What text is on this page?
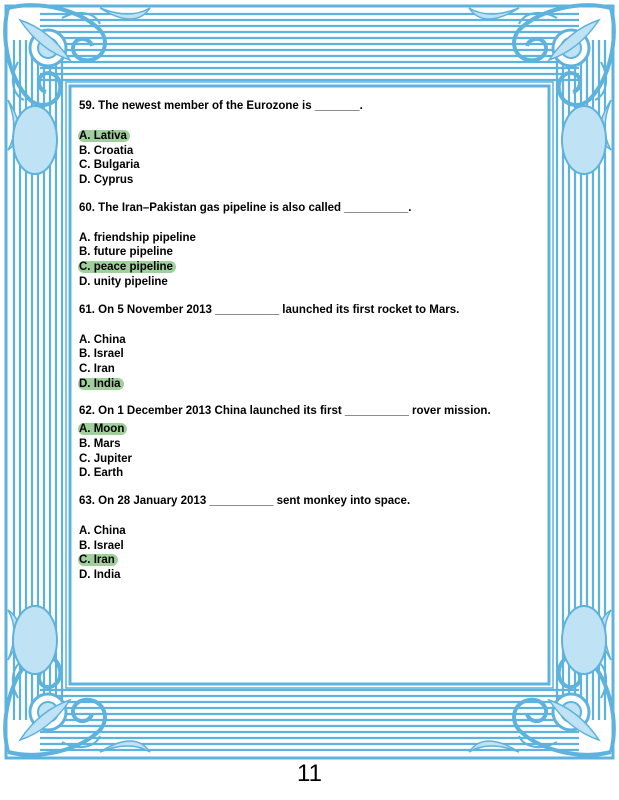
59. The newest member of the Eurozone is _______.
A. Lativa
B. Croatia
C. Bulgaria
D. Cyprus
60. The Iran–Pakistan gas pipeline is also called __________.
A. friendship pipeline
B. future pipeline
C. peace pipeline
D. unity pipeline
61. On 5 November 2013 __________ launched its first rocket to Mars.
A. China
B. Israel
C. Iran
D. India
62. On 1 December 2013 China launched its first __________ rover mission.
A. Moon
B. Mars
C. Jupiter
D. Earth
63. On 28 January 2013 __________ sent monkey into space.
A. China
B. Israel
C. Iran
D. India
11
